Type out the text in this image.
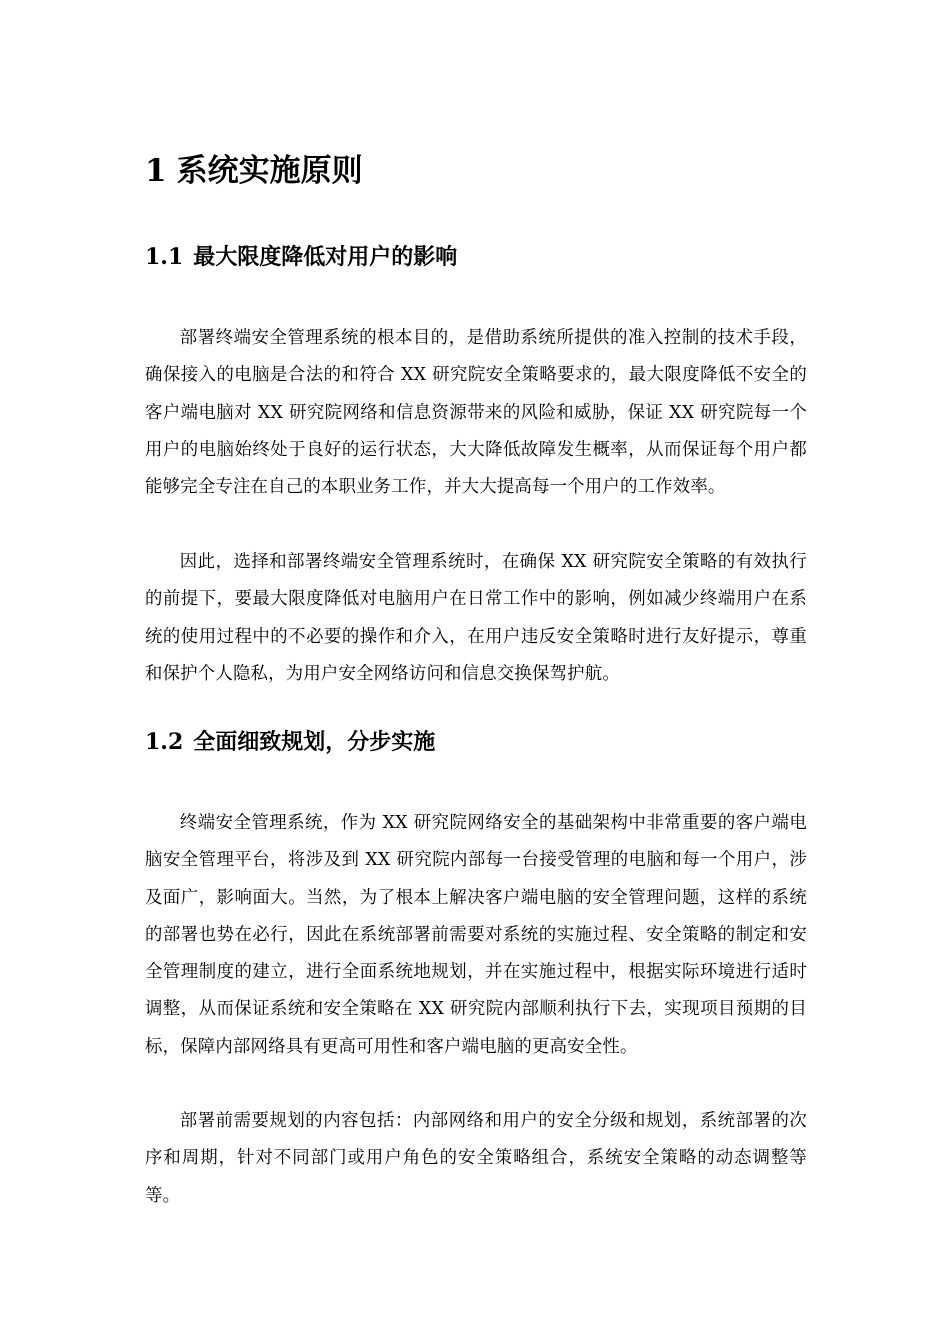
1 系统实施原则
1.1 最大限度降低对用户的影响

部署终端安全管理系统的根本目的，是借助系统所提供的准入控制的技术手段，确保接入的电脑是合法的和符合 XX 研究院安全策略要求的，最大限度降低不安全的客户端电脑对 XX 研究院网络和信息资源带来的风险和威胁，保证 XX 研究院每一个用户的电脑始终处于良好的运行状态，大大降低故障发生概率，从而保证每个用户都能够完全专注在自己的本职业务工作，并大大提高每一个用户的工作效率。

因此，选择和部署终端安全管理系统时，在确保 XX 研究院安全策略的有效执行的前提下，要最大限度降低对电脑用户在日常工作中的影响，例如减少终端用户在系统的使用过程中的不必要的操作和介入，在用户违反安全策略时进行友好提示，尊重和保护个人隐私，为用户安全网络访问和信息交换保驾护航。

1.2 全面细致规划，分步实施

终端安全管理系统，作为 XX 研究院网络安全的基础架构中非常重要的客户端电脑安全管理平台，将涉及到 XX 研究院内部每一台接受管理的电脑和每一个用户，涉及面广，影响面大。当然，为了根本上解决客户端电脑的安全管理问题，这样的系统的部署也势在必行，因此在系统部署前需要对系统的实施过程、安全策略的制定和安全管理制度的建立，进行全面系统地规划，并在实施过程中，根据实际环境进行适时调整，从而保证系统和安全策略在 XX 研究院内部顺利执行下去，实现项目预期的目标，保障内部网络具有更高可用性和客户端电脑的更高安全性。

部署前需要规划的内容包括：内部网络和用户的安全分级和规划，系统部署的次序和周期，针对不同部门或用户角色的安全策略组合，系统安全策略的动态调整等等。
